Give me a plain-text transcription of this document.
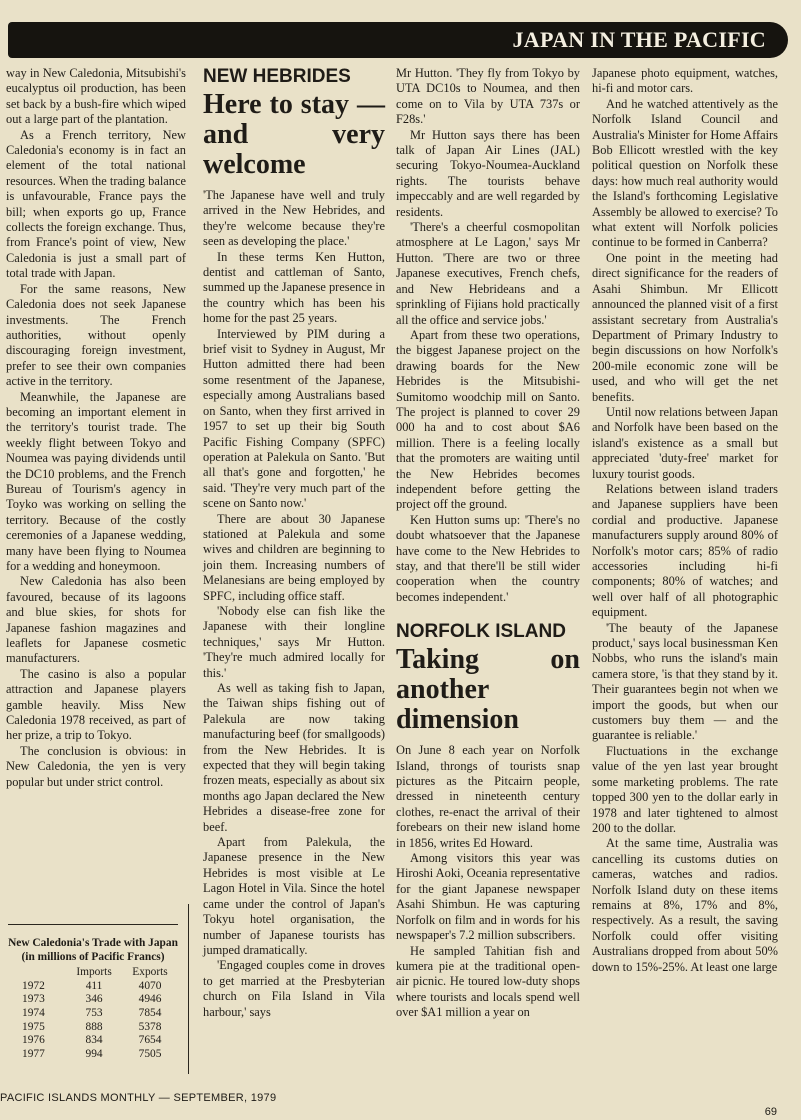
JAPAN IN THE PACIFIC

way in New Caledonia, Mitsubishi's eucalyptus oil production, has been set back by a bush-fire which wiped out a large part of the plantation.

As a French territory, New Caledonia's economy is in fact an element of the total national resources. When the trading balance is unfavourable, France pays the bill; when exports go up, France collects the foreign exchange. Thus, from France's point of view, New Caledonia is just a small part of total trade with Japan.

For the same reasons, New Caledonia does not seek Japanese investments. The French authorities, without openly discouraging foreign investment, prefer to see their own companies active in the territory.

Meanwhile, the Japanese are becoming an important element in the territory's tourist trade. The weekly flight between Tokyo and Noumea was paying dividends until the DC10 problems, and the French Bureau of Tourism's agency in Toyko was working on selling the territory. Because of the costly ceremonies of a Japanese wedding, many have been flying to Noumea for a wedding and honeymoon.

New Caledonia has also been favoured, because of its lagoons and blue skies, for shots for Japanese fashion magazines and leaflets for Japanese cosmetic manufacturers.

The casino is also a popular attraction and Japanese players gamble heavily. Miss New Caledonia 1978 received, as part of her prize, a trip to Tokyo.

The conclusion is obvious: in New Caledonia, the yen is very popular but under strict control.

New Caledonia's Trade with Japan
(in millions of Pacific Francs)
	Imports	Exports
1972	411	4070
1973	346	4946
1974	753	7854
1975	888	5378
1976	834	7654
1977	994	7505
NEW HEBRIDES
Here to stay — and very welcome

'The Japanese have well and truly arrived in the New Hebrides, and they're welcome because they're seen as developing the place.'

In these terms Ken Hutton, dentist and cattleman of Santo, summed up the Japanese presence in the country which has been his home for the past 25 years.

Interviewed by PIM during a brief visit to Sydney in August, Mr Hutton admitted there had been some resentment of the Japanese, especially among Australians based on Santo, when they first arrived in 1957 to set up their big South Pacific Fishing Company (SPFC) operation at Palekula on Santo. 'But all that's gone and forgotten,' he said. 'They're very much part of the scene on Santo now.'

There are about 30 Japanese stationed at Palekula and some wives and children are beginning to join them. Increasing numbers of Melanesians are being employed by SPFC, including office staff.

'Nobody else can fish like the Japanese with their longline techniques,' says Mr Hutton. 'They're much admired locally for this.'

As well as taking fish to Japan, the Taiwan ships fishing out of Palekula are now taking manufacturing beef (for smallgoods) from the New Hebrides. It is expected that they will begin taking frozen meats, especially as about six months ago Japan declared the New Hebrides a disease-free zone for beef.

Apart from Palekula, the Japanese presence in the New Hebrides is most visible at Le Lagon Hotel in Vila. Since the hotel came under the control of Japan's Tokyu hotel organisation, the number of Japanese tourists has jumped dramatically.

'Engaged couples come in droves to get married at the Presbyterian church on Fila Island in Vila harbour,' says

Mr Hutton. 'They fly from Tokyo by UTA DC10s to Noumea, and then come on to Vila by UTA 737s or F28s.'

Mr Hutton says there has been talk of Japan Air Lines (JAL) securing Tokyo-Noumea-Auckland rights. The tourists behave impeccably and are well regarded by residents.

'There's a cheerful cosmopolitan atmosphere at Le Lagon,' says Mr Hutton. 'There are two or three Japanese executives, French chefs, and New Hebrideans and a sprinkling of Fijians hold practically all the office and service jobs.'

Apart from these two operations, the biggest Japanese project on the drawing boards for the New Hebrides is the Mitsubishi-Sumitomo woodchip mill on Santo. The project is planned to cover 29 000 ha and to cost about $A6 million. There is a feeling locally that the promoters are waiting until the New Hebrides becomes independent before getting the project off the ground.

Ken Hutton sums up: 'There's no doubt whatsoever that the Japanese have come to the New Hebrides to stay, and that there'll be still wider cooperation when the country becomes independent.'

NORFOLK ISLAND
Taking on another dimension

On June 8 each year on Norfolk Island, throngs of tourists snap pictures as the Pitcairn people, dressed in nineteenth century clothes, re-enact the arrival of their forebears on their new island home in 1856, writes Ed Howard.

Among visitors this year was Hiroshi Aoki, Oceania representative for the giant Japanese newspaper Asahi Shimbun. He was capturing Norfolk on film and in words for his newspaper's 7.2 million subscribers.

He sampled Tahitian fish and kumera pie at the traditional open-air picnic. He toured low-duty shops where tourists and locals spend well over $A1 million a year on

Japanese photo equipment, watches, hi-fi and motor cars.

And he watched attentively as the Norfolk Island Council and Australia's Minister for Home Affairs Bob Ellicott wrestled with the key political question on Norfolk these days: how much real authority would the Island's forthcoming Legislative Assembly be allowed to exercise? To what extent will Norfolk policies continue to be formed in Canberra?

One point in the meeting had direct significance for the readers of Asahi Shimbun. Mr Ellicott announced the planned visit of a first assistant secretary from Australia's Department of Primary Industry to begin discussions on how Norfolk's 200-mile economic zone will be used, and who will get the net benefits.

Until now relations between Japan and Norfolk have been based on the island's existence as a small but appreciated 'duty-free' market for luxury tourist goods.

Relations between island traders and Japanese suppliers have been cordial and productive. Japanese manufacturers supply around 80% of Norfolk's motor cars; 85% of radio accessories including hi-fi components; 80% of watches; and well over half of all photographic equipment.

'The beauty of the Japanese product,' says local businessman Ken Nobbs, who runs the island's main camera store, 'is that they stand by it. Their guarantees begin not when we import the goods, but when our customers buy them — and the guarantee is reliable.'

Fluctuations in the exchange value of the yen last year brought some marketing problems. The rate topped 300 yen to the dollar early in 1978 and later tightened to almost 200 to the dollar.

At the same time, Australia was cancelling its customs duties on cameras, watches and radios. Norfolk Island duty on these items remains at 8%, 17% and 8%, respectively. As a result, the saving Norfolk could offer visiting Australians dropped from about 50% down to 15%-25%. At least one large

PACIFIC ISLANDS MONTHLY — SEPTEMBER, 1979
69
